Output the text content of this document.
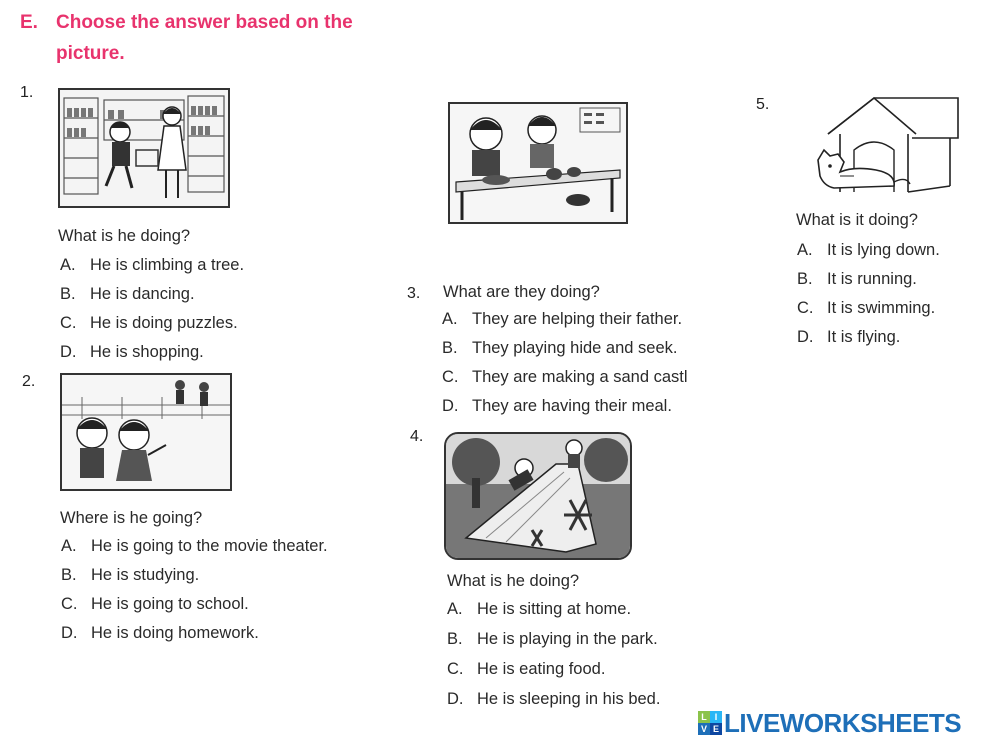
E. Choose the answer based on the
picture.
1.
What is he doing?
A. He is climbing a tree.
B. He is dancing.
C. He is doing puzzles.
D. He is shopping.
2.
Where is he going?
A. He is going to the movie theater.
B. He is studying.
C. He is going to school.
D. He is doing homework.
3. What are they doing?
A. They are helping their father.
B. They playing hide and seek.
C. They are making a sand castl
D. They are having their meal.
4.
What is he doing?
A. He is sitting at home.
B. He is playing in the park.
C. He is eating food.
D. He is sleeping in his bed.
5.
What is it doing?
A. It is lying down.
B. It is running.
C. It is swimming.
D. It is flying.
L I
V E LIVEWORKSHEETS
